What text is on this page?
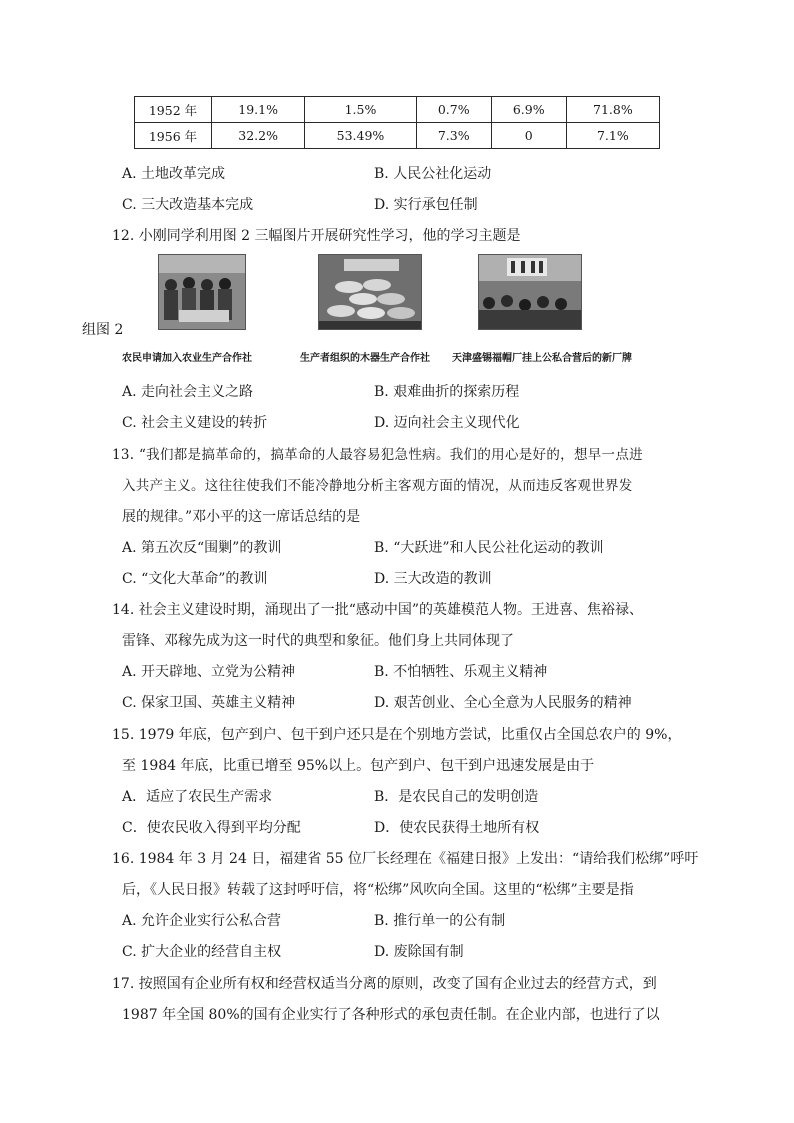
1952 年	19.1%	1.5%	0.7%	6.9%	71.8%
1956 年	32.2%	53.49%	7.3%	0	7.1%
A. 土地改革完成	B. 人民公社化运动
C. 三大改造基本完成	D. 实行承包任制
12. 小刚同学利用图 2 三幅图片开展研究性学习，他的学习主题是
组图 2
农民申请加入农业生产合作社	生产者组织的木器生产合作社 天津盛锡福帽厂挂上公私合营后的新厂牌
A. 走向社会主义之路	B. 艰难曲折的探索历程
C. 社会主义建设的转折	D. 迈向社会主义现代化
13. “我们都是搞革命的，搞革命的人最容易犯急性病。我们的用心是好的，想早一点进
入共产主义。这往往使我们不能冷静地分析主客观方面的情况，从而违反客观世界发
展的规律。”邓小平的这一席话总结的是
A. 第五次反“围剿”的教训	B. “大跃进”和人民公社化运动的教训
C. “文化大革命”的教训	D. 三大改造的教训
14. 社会主义建设时期，涌现出了一批“感动中国”的英雄模范人物。王进喜、焦裕禄、
雷锋、邓稼先成为这一时代的典型和象征。他们身上共同体现了
A. 开天辟地、立党为公精神	B. 不怕牺牲、乐观主义精神
C. 保家卫国、英雄主义精神	D. 艰苦创业、全心全意为人民服务的精神
15. 1979 年底，包产到户、包干到户还只是在个别地方尝试，比重仅占全国总农户的 9%，
至 1984 年底，比重已增至 95%以上。包产到户、包干到户迅速发展是由于
A．适应了农民生产需求	B．是农民自己的发明创造
C．使农民收入得到平均分配	D．使农民获得土地所有权
16. 1984 年 3 月 24 日，福建省 55 位厂长经理在《福建日报》上发出：“请给我们松绑”呼吁
后，《人民日报》转载了这封呼吁信，将“松绑”风吹向全国。这里的“松绑”主要是指
A. 允许企业实行公私合营	B. 推行单一的公有制
C. 扩大企业的经营自主权	D. 废除国有制
17. 按照国有企业所有权和经营权适当分离的原则，改变了国有企业过去的经营方式，到
1987 年全国 80%的国有企业实行了各种形式的承包责任制。在企业内部，也进行了以
